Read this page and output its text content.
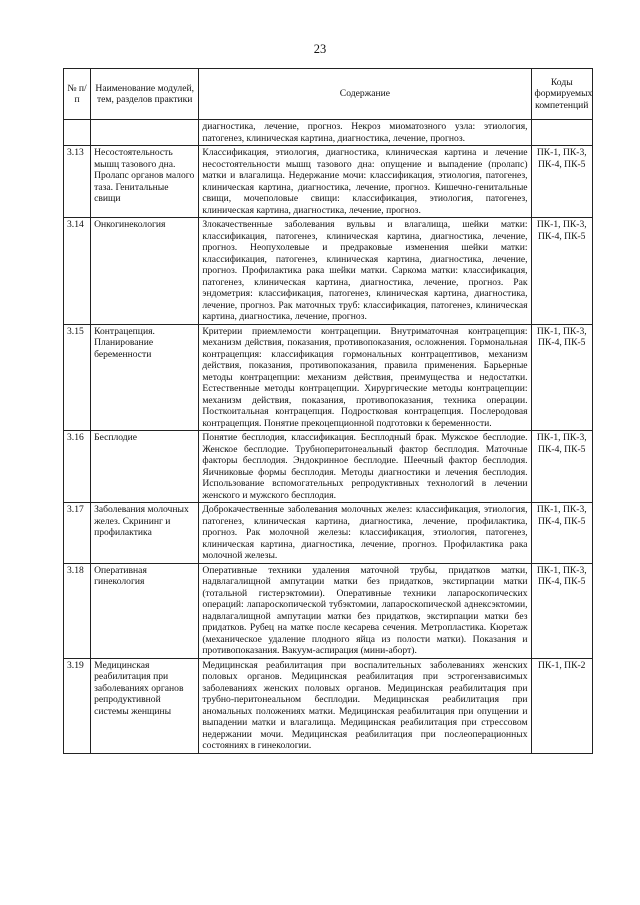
23
№ п/п	Наименование модулей, тем, разделов практики	Содержание	Коды формируемых компетенций
		диагностика, лечение, прогноз. Некроз миоматозного узла: этиология, патогенез, клиническая картина, диагностика, лечение, прогноз.	
3.13	Несостоятельность мышц тазового дна. Пролапс органов малого таза. Генитальные свищи	Классификация, этиология, диагностика, клиническая картина и лечение несостоятельности мышц тазового дна: опущение и выпадение (пролапс) матки и влагалища. Недержание мочи: классификация, этиология, патогенез, клиническая картина, диагностика, лечение, прогноз. Кишечно-генитальные свищи, мочеполовые свищи: классификация, этиология, патогенез, клиническая картина, диагностика, лечение, прогноз.	ПК-1, ПК-3, ПК-4, ПК-5
3.14	Онкогинекология	Злокачественные заболевания вульвы и влагалища, шейки матки: классификация, патогенез, клиническая картина, диагностика, лечение, прогноз. Неопухолевые и предраковые изменения шейки матки: классификация, патогенез, клиническая картина, диагностика, лечение, прогноз. Профилактика рака шейки матки. Саркома матки: классификация, патогенез, клиническая картина, диагностика, лечение, прогноз. Рак эндометрия: классификация, патогенез, клиническая картина, диагностика, лечение, прогноз. Рак маточных труб: классификация, патогенез, клиническая картина, диагностика, лечение, прогноз.	ПК-1, ПК-3, ПК-4, ПК-5
3.15	Контрацепция. Планирование беременности	Критерии приемлемости контрацепции. Внутриматочная контрацепция: механизм действия, показания, противопоказания, осложнения. Гормональная контрацепция: классификация гормональных контрацептивов, механизм действия, показания, противопоказания, правила применения. Барьерные методы контрацепции: механизм действия, преимущества и недостатки. Естественные методы контрацепции. Хирургические методы контрацепции: механизм действия, показания, противопоказания, техника операции. Посткоитальная контрацепция. Подростковая контрацепция. Послеродовая контрацепция. Понятие прекоцепционной подготовки к беременности.	ПК-1, ПК-3, ПК-4, ПК-5
3.16	Бесплодие	Понятие бесплодия, классификация. Бесплодный брак. Мужское бесплодие. Женское бесплодие. Трубноперитонеальный фактор бесплодия. Маточные факторы бесплодия. Эндокринное бесплодие. Шеечный фактор бесплодия. Яичниковые формы бесплодия. Методы диагностики и лечения бесплодия. Использование вспомогательных репродуктивных технологий в лечении женского и мужского бесплодия.	ПК-1, ПК-3, ПК-4, ПК-5
3.17	Заболевания молочных желез. Скрининг и профилактика	Доброкачественные заболевания молочных желез: классификация, этиология, патогенез, клиническая картина, диагностика, лечение, профилактика, прогноз. Рак молочной железы: классификация, этиология, патогенез, клиническая картина, диагностика, лечение, прогноз. Профилактика рака молочной железы.	ПК-1, ПК-3, ПК-4, ПК-5
3.18	Оперативная гинекология	Оперативные техники удаления маточной трубы, придатков матки, надвлагалищной ампутации матки без придатков, экстирпации матки (тотальной гистерэктомии). Оперативные техники лапароскопических операций: лапароскопической тубэктомии, лапароскопической аднексэктомии, надвлагалищной ампутации матки без придатков, экстирпации матки без придатков. Рубец на матке после кесарева сечения. Метропластика. Кюретаж (механическое удаление плодного яйца из полости матки). Показания и противопоказания. Вакуум-аспирация (мини-аборт).	ПК-1, ПК-3, ПК-4, ПК-5
3.19	Медицинская реабилитация при заболеваниях органов репродуктивной системы женщины	Медицинская реабилитация при воспалительных заболеваниях женских половых органов. Медицинская реабилитация при эстрогензависимых заболеваниях женских половых органов. Медицинская реабилитация при трубно-перитонеальном бесплодии. Медицинская реабилитация при аномальных положениях матки. Медицинская реабилитация при опущении и выпадении матки и влагалища. Медицинская реабилитация при стрессовом недержании мочи. Медицинская реабилитация при послеоперационных состояниях в гинекологии.	ПК-1, ПК-2
